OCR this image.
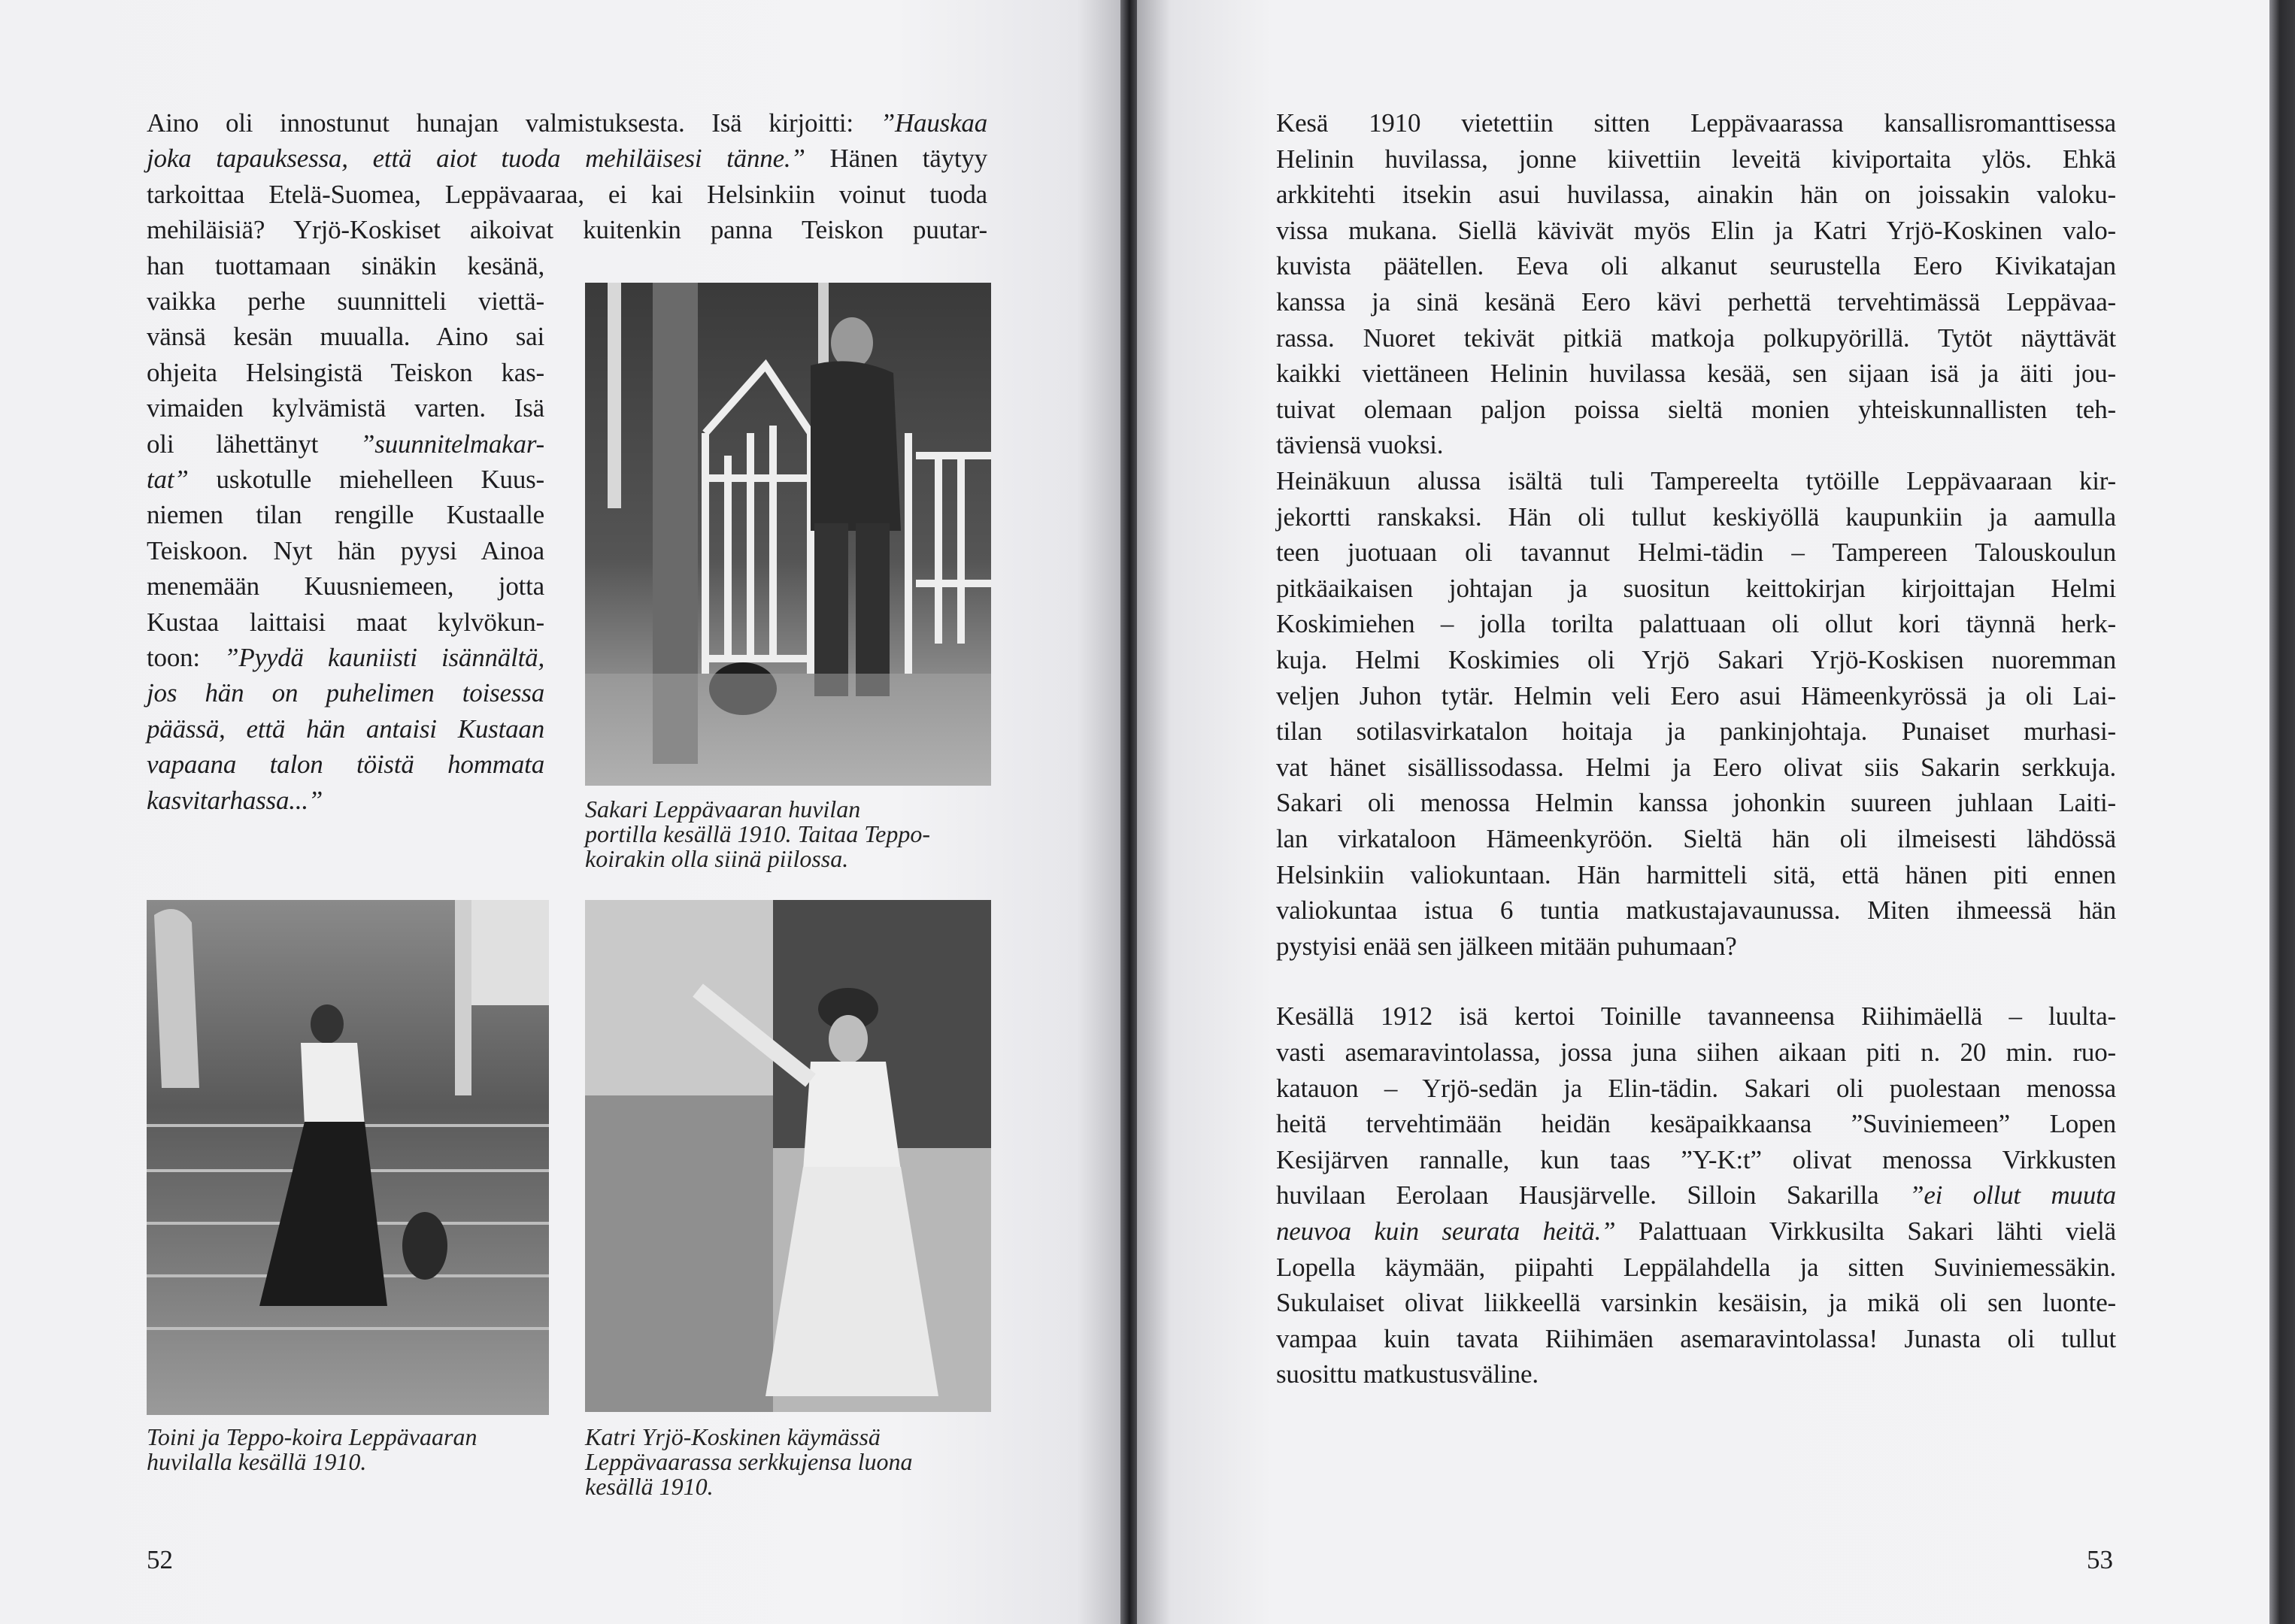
Aino oli innostunut hunajan valmistuksesta. Isä kirjoitti: ”Hauskaa
joka tapauksessa, että aiot tuoda mehiläisesi tänne.” Hänen täytyy
tarkoittaa Etelä-Suomea, Leppävaaraa, ei kai Helsinkiin voinut tuoda
mehiläisiä? Yrjö-Koskiset aikoivat kuitenkin panna Teiskon puutar-
han tuottamaan sinäkin kesänä,
vaikka perhe suunnitteli viettä-
vänsä kesän muualla. Aino sai
ohjeita Helsingistä Teiskon kas-
vimaiden kylvämistä varten. Isä
oli lähettänyt ”suunnitelmakar-
tat” uskotulle miehelleen Kuus-
niemen tilan rengille Kustaalle
Teiskoon. Nyt hän pyysi Ainoa
menemään Kuusniemeen, jotta
Kustaa laittaisi maat kylvökun-
toon: ”Pyydä kauniisti isännältä,
jos hän on puhelimen toisessa
päässä, että hän antaisi Kustaan
vapaana talon töistä hommata
kasvitarhassa...”	Sakari Leppävaaran huvilan
portilla kesällä 1910. Taitaa Teppo-
koirakin olla siinä piilossa.
Toini ja Teppo-koira Leppävaaran
huvilalla kesällä 1910.
Katri Yrjö-Koskinen käymässä
Leppävaarassa serkkujensa luona
kesällä 1910.
52
Kesä 1910 vietettiin sitten Leppävaarassa kansallisromanttisessa
Helinin huvilassa, jonne kiivettiin leveitä kiviportaita ylös. Ehkä
arkkitehti itsekin asui huvilassa, ainakin hän on joissakin valoku-
vissa mukana. Siellä kävivät myös Elin ja Katri Yrjö-Koskinen valo-
kuvista päätellen. Eeva oli alkanut seurustella Eero Kivikatajan
kanssa ja sinä kesänä Eero kävi perhettä tervehtimässä Leppävaa-
rassa. Nuoret tekivät pitkiä matkoja polkupyörillä. Tytöt näyttävät
kaikki viettäneen Helinin huvilassa kesää, sen sijaan isä ja äiti jou-
tuivat olemaan paljon poissa sieltä monien yhteiskunnallisten teh-
täviensä vuoksi.
Heinäkuun alussa isältä tuli Tampereelta tytöille Leppävaaraan kir-
jekortti ranskaksi. Hän oli tullut keskiyöllä kaupunkiin ja aamulla
teen juotuaan oli tavannut Helmi-tädin – Tampereen Talouskoulun
pitkäaikaisen johtajan ja suositun keittokirjan kirjoittajan Helmi
Koskimiehen – jolla torilta palattuaan oli ollut kori täynnä herk-
kuja. Helmi Koskimies oli Yrjö Sakari Yrjö-Koskisen nuoremman
veljen Juhon tytär. Helmin veli Eero asui Hämeenkyrössä ja oli Lai-
tilan sotilasvirkatalon hoitaja ja pankinjohtaja. Punaiset murhasi-
vat hänet sisällissodassa. Helmi ja Eero olivat siis Sakarin serkkuja.
Sakari oli menossa Helmin kanssa johonkin suureen juhlaan Laiti-
lan virkataloon Hämeenkyröön. Sieltä hän oli ilmeisesti lähdössä
Helsinkiin valiokuntaan. Hän harmitteli sitä, että hänen piti ennen
valiokuntaa istua 6 tuntia matkustajavaunussa. Miten ihmeessä hän
pystyisi enää sen jälkeen mitään puhumaan?
Kesällä 1912 isä kertoi Toinille tavanneensa Riihimäellä – luulta-
vasti asemaravintolassa, jossa juna siihen aikaan piti n. 20 min. ruo-
katauon – Yrjö-sedän ja Elin-tädin. Sakari oli puolestaan menossa
heitä tervehtimään heidän kesäpaikkaansa ”Suviniemeen” Lopen
Kesijärven rannalle, kun taas ”Y-K:t” olivat menossa Virkkusten
huvilaan Eerolaan Hausjärvelle. Silloin Sakarilla ”ei ollut muuta
neuvoa kuin seurata heitä.” Palattuaan Virkkusilta Sakari lähti vielä
Lopella käymään, piipahti Leppälahdella ja sitten Suviniemessäkin.
Sukulaiset olivat liikkeellä varsinkin kesäisin, ja mikä oli sen luonte-
vampaa kuin tavata Riihimäen asemaravintolassa! Junasta oli tullut
suosittu matkustusväline.
53
